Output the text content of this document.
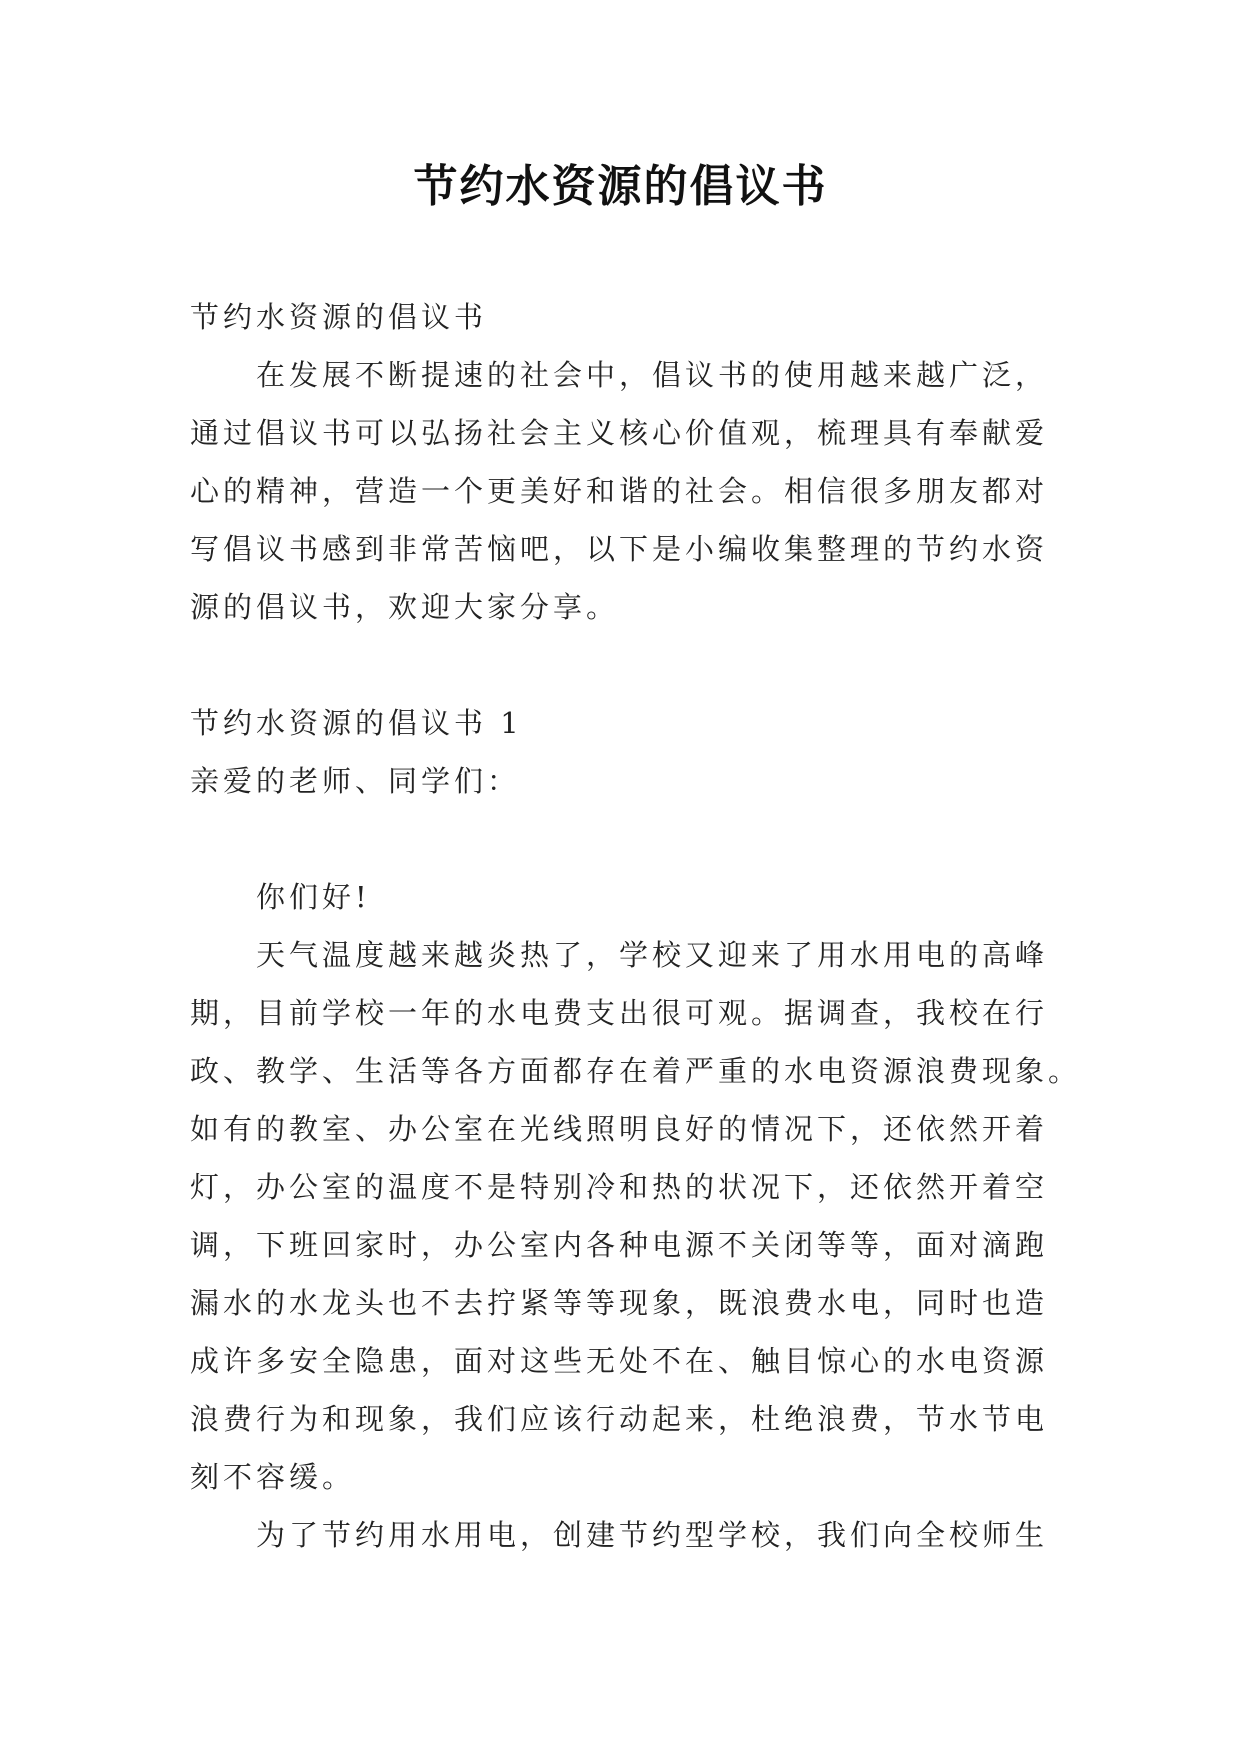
节约水资源的倡议书

节约水资源的倡议书

在发展不断提速的社会中，倡议书的使用越来越广泛，

通过倡议书可以弘扬社会主义核心价值观，梳理具有奉献爱

心的精神，营造一个更美好和谐的社会。相信很多朋友都对

写倡议书感到非常苦恼吧，以下是小编收集整理的节约水资

源的倡议书，欢迎大家分享。

节约水资源的倡议书 1

亲爱的老师、同学们：

你们好!

天气温度越来越炎热了，学校又迎来了用水用电的高峰

期，目前学校一年的水电费支出很可观。据调查，我校在行

政、教学、生活等各方面都存在着严重的水电资源浪费现象。

如有的教室、办公室在光线照明良好的情况下，还依然开着

灯，办公室的温度不是特别冷和热的状况下，还依然开着空

调，下班回家时，办公室内各种电源不关闭等等，面对滴跑

漏水的水龙头也不去拧紧等等现象，既浪费水电，同时也造

成许多安全隐患，面对这些无处不在、触目惊心的水电资源

浪费行为和现象，我们应该行动起来，杜绝浪费，节水节电

刻不容缓。

为了节约用水用电，创建节约型学校，我们向全校师生
